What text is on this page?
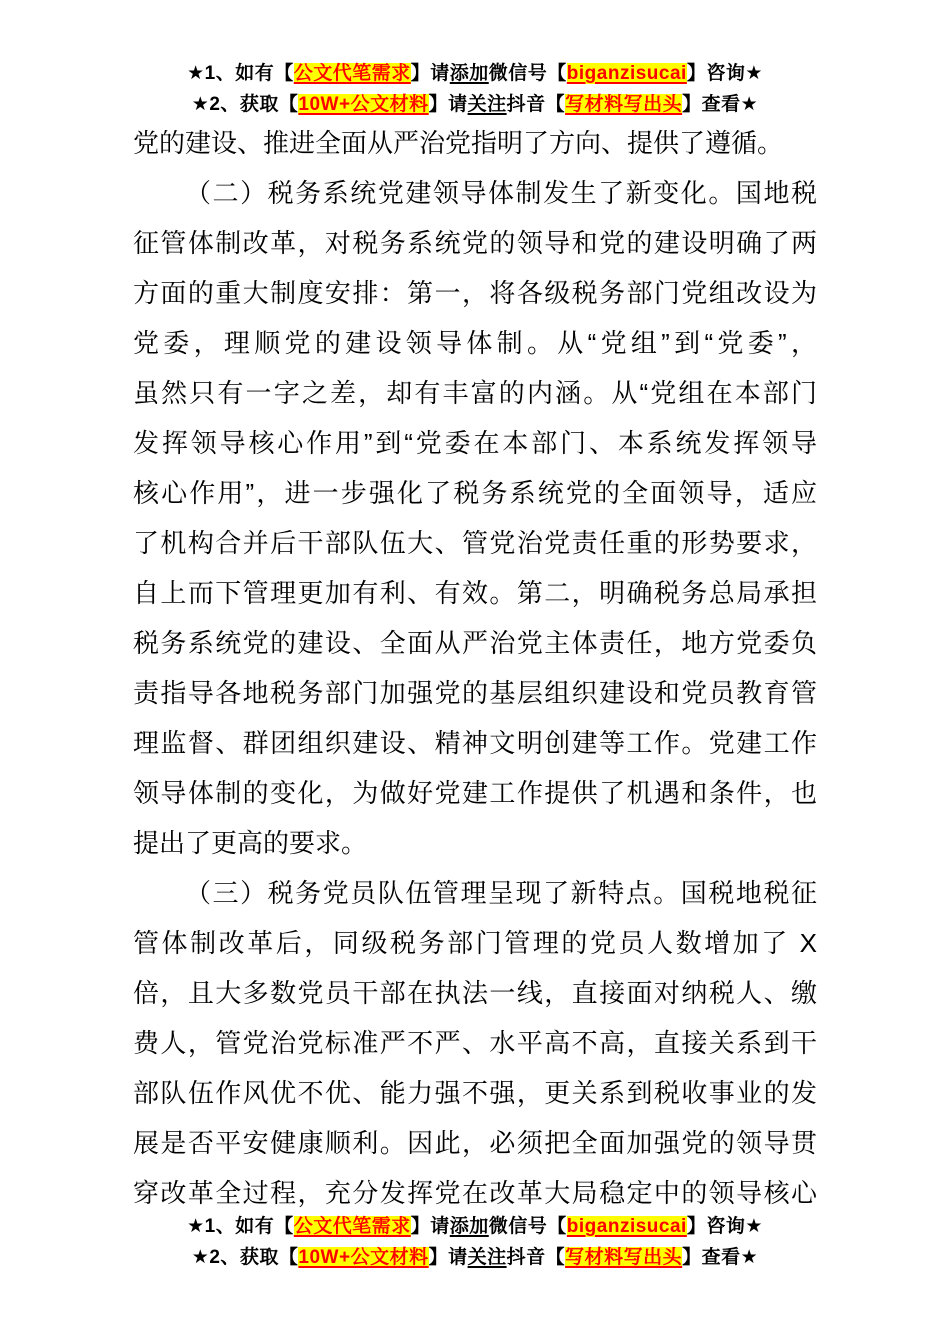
★1、如有【公文代笔需求】请添加微信号【biganzisucai】咨询★
★2、获取【10W+公文材料】请关注抖音【写材料写出头】查看★
党的建设、推进全面从严治党指明了方向、提供了遵循。
（二）税务系统党建领导体制发生了新变化。国地税
征管体制改革，对税务系统党的领导和党的建设明确了两
方面的重大制度安排：第一，将各级税务部门党组改设为
党委，理顺党的建设领导体制。从“党组”到“党委”，
虽然只有一字之差，却有丰富的内涵。从“党组在本部门
发挥领导核心作用”到“党委在本部门、本系统发挥领导
核心作用”，进一步强化了税务系统党的全面领导，适应
了机构合并后干部队伍大、管党治党责任重的形势要求，
自上而下管理更加有利、有效。第二，明确税务总局承担
税务系统党的建设、全面从严治党主体责任，地方党委负
责指导各地税务部门加强党的基层组织建设和党员教育管
理监督、群团组织建设、精神文明创建等工作。党建工作
领导体制的变化，为做好党建工作提供了机遇和条件，也
提出了更高的要求。
（三）税务党员队伍管理呈现了新特点。国税地税征
管体制改革后，同级税务部门管理的党员人数增加了 X
倍，且大多数党员干部在执法一线，直接面对纳税人、缴
费人，管党治党标准严不严、水平高不高，直接关系到干
部队伍作风优不优、能力强不强，更关系到税收事业的发
展是否平安健康顺利。因此，必须把全面加强党的领导贯
穿改革全过程，充分发挥党在改革大局稳定中的领导核心
★1、如有【公文代笔需求】请添加微信号【biganzisucai】咨询★
★2、获取【10W+公文材料】请关注抖音【写材料写出头】查看★
